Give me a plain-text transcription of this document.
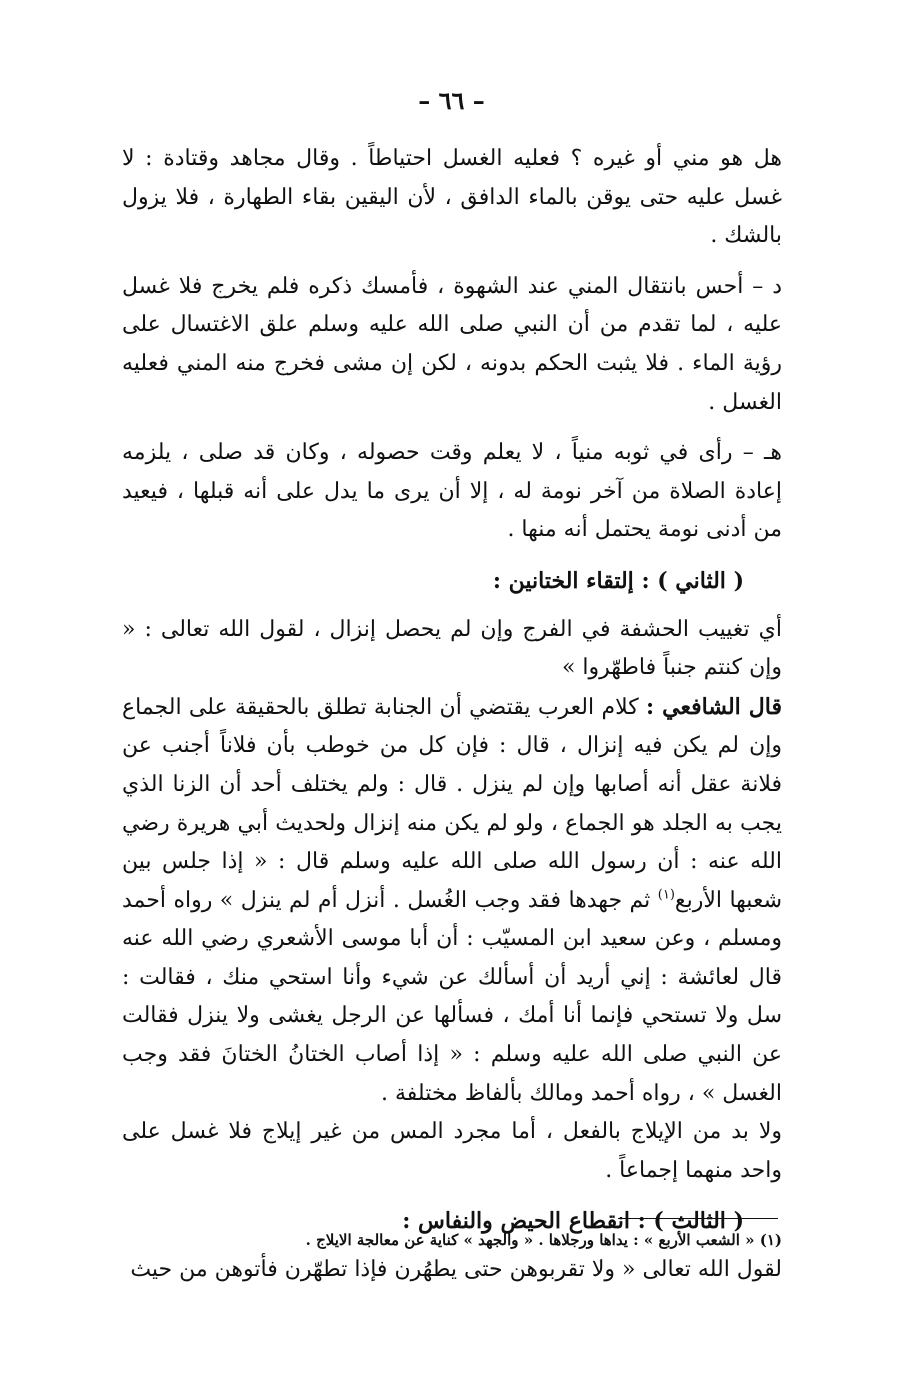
– ٦٦ –

هل هو مني أو غيره ؟ فعليه الغسل احتياطاً . وقال مجاهد وقتادة : لا غسل عليه حتى يوقن بالماء الدافق ، لأن اليقين بقاء الطهارة ، فلا يزول بالشك .

د – أحس بانتقال المني عند الشهوة ، فأمسك ذكره فلم يخرج فلا غسل عليه ، لما تقدم من أن النبي صلى الله عليه وسلم علق الاغتسال على رؤية الماء . فلا يثبت الحكم بدونه ، لكن إن مشى فخرج منه المني فعليه الغسل .

هـ – رأى في ثوبه منياً ، لا يعلم وقت حصوله ، وكان قد صلى ، يلزمه إعادة الصلاة من آخر نومة له ، إلا أن يرى ما يدل على أنه قبلها ، فيعيد من أدنى نومة يحتمل أنه منها .

( الثاني ) : إلتقاء الختانين :

أي تغييب الحشفة في الفرج وإن لم يحصل إنزال ، لقول الله تعالى : « وإن كنتم جنباً فاطهّروا »

قال الشافعي : كلام العرب يقتضي أن الجنابة تطلق بالحقيقة على الجماع وإن لم يكن فيه إنزال ، قال : فإن كل من خوطب بأن فلاناً أجنب عن فلانة عقل أنه أصابها وإن لم ينزل . قال : ولم يختلف أحد أن الزنا الذي يجب به الجلد هو الجماع ، ولو لم يكن منه إنزال ولحديث أبي هريرة رضي الله عنه : أن رسول الله صلى الله عليه وسلم قال : « إذا جلس بين شعبها الأربع$^{(١)}$ ثم جهدها فقد وجب الغُسل . أنزل أم لم ينزل » رواه أحمد ومسلم ، وعن سعيد ابن المسيّب : أن أبا موسى الأشعري رضي الله عنه قال لعائشة : إني أريد أن أسألك عن شيء وأنا استحي منك ، فقالت : سل ولا تستحي فإنما أنا أمك ، فسألها عن الرجل يغشى ولا ينزل فقالت عن النبي صلى الله عليه وسلم : « إذا أصاب الختانُ الختانَ فقد وجب الغسل » ، رواه أحمد ومالك بألفاظ مختلفة .

ولا بد من الإيلاج بالفعل ، أما مجرد المس من غير إيلاج فلا غسل على واحد منهما إجماعاً .

( الثالث ) : انقطاع الحيض والنفاس :

لقول الله تعالى « ولا تقربوهن حتى يطهُرن فإذا تطهّرن فأتوهن من حيث

(١) « الشعب الأربع » : يداها ورجلاها . « والجهد » كناية عن معالجة الايلاج .
